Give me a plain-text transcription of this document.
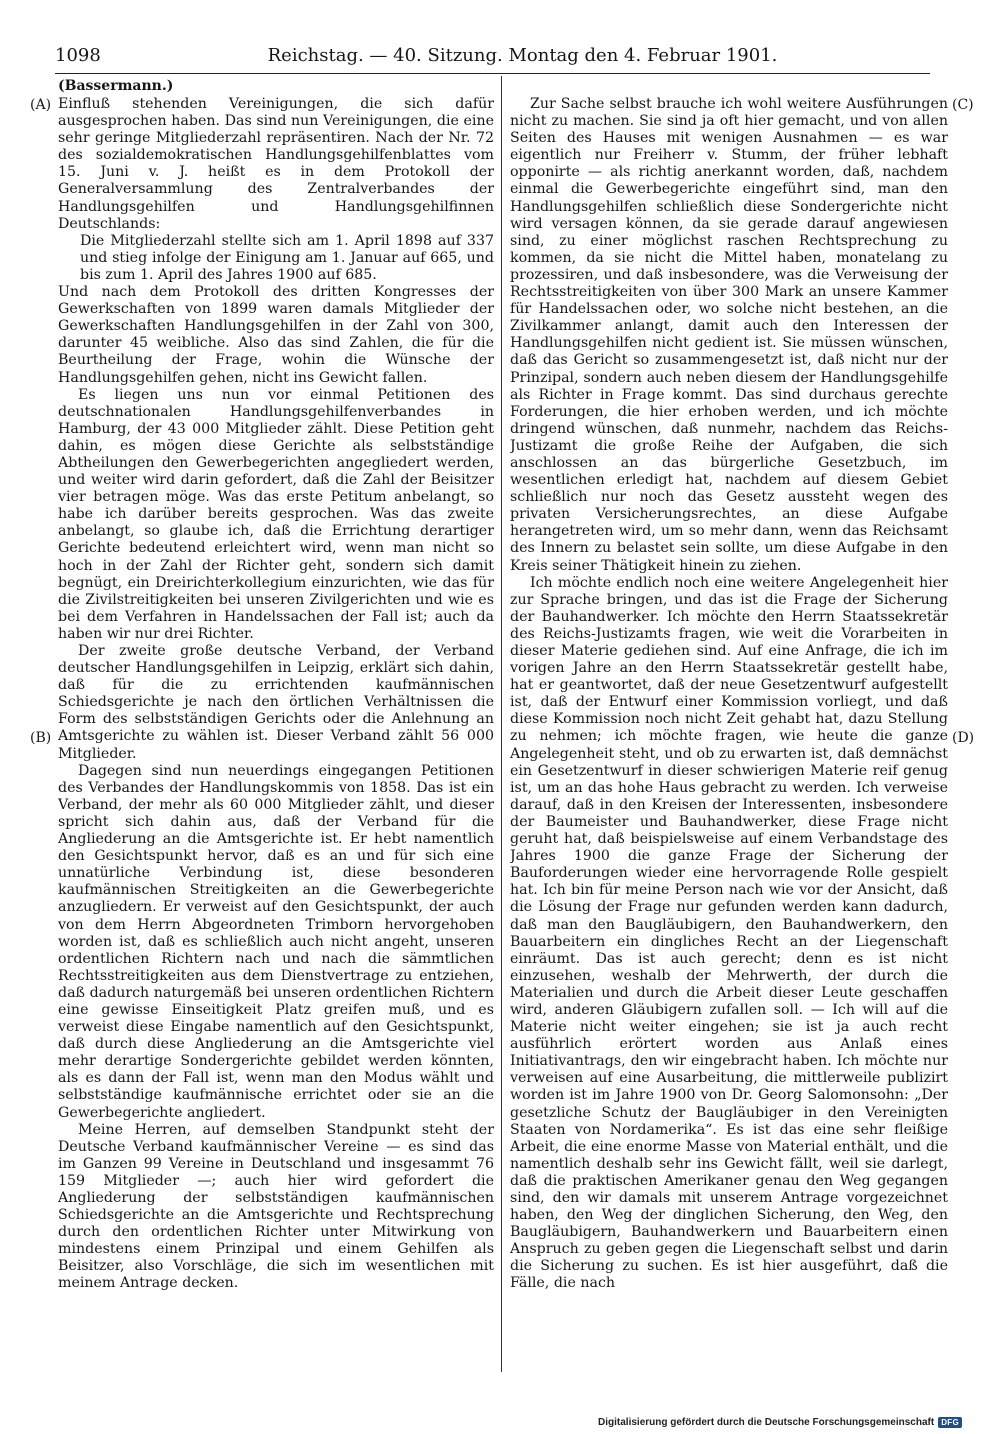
1098	Reichstag. — 40. Sitzung. Montag den 4. Februar 1901.
(Bassermann.)
(A)
(B)
(C)
(D)

Einfluß stehenden Vereinigungen, die sich dafür ausgesprochen haben. Das sind nun Vereinigungen, die eine sehr geringe Mitgliederzahl repräsentiren. Nach der Nr. 72 des sozialdemokratischen Handlungsgehilfenblattes vom 15. Juni v. J. heißt es in dem Protokoll der Generalversammlung des Zentralverbandes der Handlungsgehilfen und Handlungsgehilfinnen Deutschlands:

Die Mitgliederzahl stellte sich am 1. April 1898 auf 337 und stieg infolge der Einigung am 1. Januar auf 665, und bis zum 1. April des Jahres 1900 auf 685.

Und nach dem Protokoll des dritten Kongresses der Gewerkschaften von 1899 waren damals Mitglieder der Gewerkschaften Handlungsgehilfen in der Zahl von 300, darunter 45 weibliche. Also das sind Zahlen, die für die Beurtheilung der Frage, wohin die Wünsche der Handlungsgehilfen gehen, nicht ins Gewicht fallen.

Es liegen uns nun vor einmal Petitionen des deutschnationalen Handlungsgehilfenverbandes in Hamburg, der 43 000 Mitglieder zählt. Diese Petition geht dahin, es mögen diese Gerichte als selbstständige Abtheilungen den Gewerbegerichten angegliedert werden, und weiter wird darin gefordert, daß die Zahl der Beisitzer vier betragen möge. Was das erste Petitum anbelangt, so habe ich darüber bereits gesprochen. Was das zweite anbelangt, so glaube ich, daß die Errichtung derartiger Gerichte bedeutend erleichtert wird, wenn man nicht so hoch in der Zahl der Richter geht, sondern sich damit begnügt, ein Dreirichterkollegium einzurichten, wie das für die Zivilstreitigkeiten bei unseren Zivilgerichten und wie es bei dem Verfahren in Handelssachen der Fall ist; auch da haben wir nur drei Richter.

Der zweite große deutsche Verband, der Verband deutscher Handlungsgehilfen in Leipzig, erklärt sich dahin, daß für die zu errichtenden kaufmännischen Schiedsgerichte je nach den örtlichen Verhältnissen die Form des selbstständigen Gerichts oder die Anlehnung an Amtsgerichte zu wählen ist. Dieser Verband zählt 56 000 Mitglieder.

Dagegen sind nun neuerdings eingegangen Petitionen des Verbandes der Handlungskommis von 1858. Das ist ein Verband, der mehr als 60 000 Mitglieder zählt, und dieser spricht sich dahin aus, daß der Verband für die Angliederung an die Amtsgerichte ist. Er hebt namentlich den Gesichtspunkt hervor, daß es an und für sich eine unnatürliche Verbindung ist, diese besonderen kaufmännischen Streitigkeiten an die Gewerbegerichte anzugliedern. Er verweist auf den Gesichtspunkt, der auch von dem Herrn Abgeordneten Trimborn hervorgehoben worden ist, daß es schließlich auch nicht angeht, unseren ordentlichen Richtern nach und nach die sämmtlichen Rechtsstreitigkeiten aus dem Dienstvertrage zu entziehen, daß dadurch naturgemäß bei unseren ordentlichen Richtern eine gewisse Einseitigkeit Platz greifen muß, und es verweist diese Eingabe namentlich auf den Gesichtspunkt, daß durch diese Angliederung an die Amtsgerichte viel mehr derartige Sondergerichte gebildet werden könnten, als es dann der Fall ist, wenn man den Modus wählt und selbstständige kaufmännische errichtet oder sie an die Gewerbegerichte angliedert.

Meine Herren, auf demselben Standpunkt steht der Deutsche Verband kaufmännischer Vereine — es sind das im Ganzen 99 Vereine in Deutschland und insgesammt 76 159 Mitglieder —; auch hier wird gefordert die Angliederung der selbstständigen kaufmännischen Schiedsgerichte an die Amtsgerichte und Rechtsprechung durch den ordentlichen Richter unter Mitwirkung von mindestens einem Prinzipal und einem Gehilfen als Beisitzer, also Vorschläge, die sich im wesentlichen mit meinem Antrage decken.

Zur Sache selbst brauche ich wohl weitere Ausführungen nicht zu machen. Sie sind ja oft hier gemacht, und von allen Seiten des Hauses mit wenigen Ausnahmen — es war eigentlich nur Freiherr v. Stumm, der früher lebhaft opponirte — als richtig anerkannt worden, daß, nachdem einmal die Gewerbegerichte eingeführt sind, man den Handlungsgehilfen schließlich diese Sondergerichte nicht wird versagen können, da sie gerade darauf angewiesen sind, zu einer möglichst raschen Rechtsprechung zu kommen, da sie nicht die Mittel haben, monatelang zu prozessiren, und daß insbesondere, was die Verweisung der Rechtsstreitigkeiten von über 300 Mark an unsere Kammer für Handelssachen oder, wo solche nicht bestehen, an die Zivilkammer anlangt, damit auch den Interessen der Handlungsgehilfen nicht gedient ist. Sie müssen wünschen, daß das Gericht so zusammengesetzt ist, daß nicht nur der Prinzipal, sondern auch neben diesem der Handlungsgehilfe als Richter in Frage kommt. Das sind durchaus gerechte Forderungen, die hier erhoben werden, und ich möchte dringend wünschen, daß nunmehr, nachdem das Reichs-Justizamt die große Reihe der Aufgaben, die sich anschlossen an das bürgerliche Gesetzbuch, im wesentlichen erledigt hat, nachdem auf diesem Gebiet schließlich nur noch das Gesetz aussteht wegen des privaten Versicherungsrechtes, an diese Aufgabe herangetreten wird, um so mehr dann, wenn das Reichsamt des Innern zu belastet sein sollte, um diese Aufgabe in den Kreis seiner Thätigkeit hinein zu ziehen.

Ich möchte endlich noch eine weitere Angelegenheit hier zur Sprache bringen, und das ist die Frage der Sicherung der Bauhandwerker. Ich möchte den Herrn Staatssekretär des Reichs-Justizamts fragen, wie weit die Vorarbeiten in dieser Materie gediehen sind. Auf eine Anfrage, die ich im vorigen Jahre an den Herrn Staatssekretär gestellt habe, hat er geantwortet, daß der neue Gesetzentwurf aufgestellt ist, daß der Entwurf einer Kommission vorliegt, und daß diese Kommission noch nicht Zeit gehabt hat, dazu Stellung zu nehmen; ich möchte fragen, wie heute die ganze Angelegenheit steht, und ob zu erwarten ist, daß demnächst ein Gesetzentwurf in dieser schwierigen Materie reif genug ist, um an das hohe Haus gebracht zu werden. Ich verweise darauf, daß in den Kreisen der Interessenten, insbesondere der Baumeister und Bauhandwerker, diese Frage nicht geruht hat, daß beispielsweise auf einem Verbandstage des Jahres 1900 die ganze Frage der Sicherung der Bauforderungen wieder eine hervorragende Rolle gespielt hat. Ich bin für meine Person nach wie vor der Ansicht, daß die Lösung der Frage nur gefunden werden kann dadurch, daß man den Baugläubigern, den Bauhandwerkern, den Bauarbeitern ein dingliches Recht an der Liegenschaft einräumt. Das ist auch gerecht; denn es ist nicht einzusehen, weshalb der Mehrwerth, der durch die Materialien und durch die Arbeit dieser Leute geschaffen wird, anderen Gläubigern zufallen soll. — Ich will auf die Materie nicht weiter eingehen; sie ist ja auch recht ausführlich erörtert worden aus Anlaß eines Initiativantrags, den wir eingebracht haben. Ich möchte nur verweisen auf eine Ausarbeitung, die mittlerweile publizirt worden ist im Jahre 1900 von Dr. Georg Salomonsohn: „Der gesetzliche Schutz der Baugläubiger in den Vereinigten Staaten von Nordamerika“. Es ist das eine sehr fleißige Arbeit, die eine enorme Masse von Material enthält, und die namentlich deshalb sehr ins Gewicht fällt, weil sie darlegt, daß die praktischen Amerikaner genau den Weg gegangen sind, den wir damals mit unserem Antrage vorgezeichnet haben, den Weg der dinglichen Sicherung, den Weg, den Baugläubigern, Bauhandwerkern und Bauarbeitern einen Anspruch zu geben gegen die Liegenschaft selbst und darin die Sicherung zu suchen. Es ist hier ausgeführt, daß die Fälle, die nach

Digitalisierung gefördert durch die Deutsche Forschungsgemeinschaft DFG
